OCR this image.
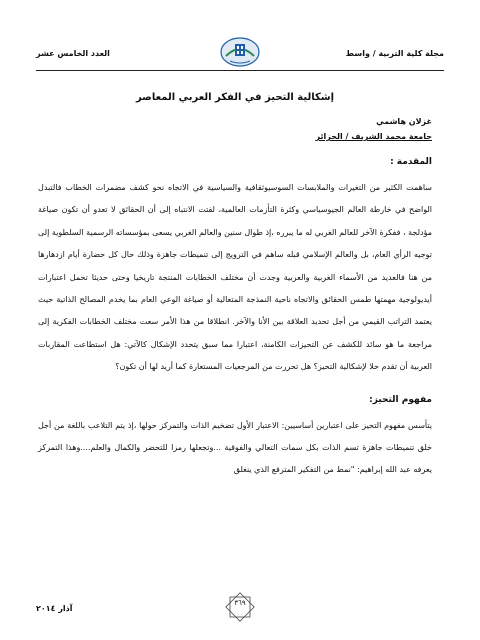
مجلة كلية التربية / واسط
العدد الخامس عشر
إشكالية التحيز في الفكر العربي المعاصر
غزلان هاشمي
جامعة محمد الشريف / الجزائر
المقدمة :

ساهمت الكثير من التغيرات والملابسات السوسيوثقافية والسياسية في الاتجاه نحو كشف مضمرات الخطاب فالتبدل الواضح في خارطة العالم الجيوسياسي وكثرة التأزمات العالمية، لفتت الانتباه إلى أن الحقائق لا تعدو أن تكون صياغة مؤدلجة ، ففكرة الآخر للعالم الغربي له ما يبرره ،إذ طوال سنين والعالم الغربي يسعى بمؤسساته الرسمية السلطوية إلى توجيه الرأي العام، بل والعالم الإسلامي قبله ساهم في الترويج إلى تنميطات جاهزة وذلك حال كل حضارة أيام ازدهارها من هنا فالعديد من الأسماء الغربية والعربية وجدت أن مختلف الخطابات المنتجة تاريخيا وحتى حديثا تحمل اعتبارات أيديولوجية مهمتها طمس الحقائق والاتجاه ناحية النمذجة المتعالية أو صياغة الوعي العام بما يخدم المصالح الذاتية حيث يعتمد التراتب القيمي من أجل تحديد العلاقة بين الأنا والآخر. انطلاقا من هذا الأمر سعت مختلف الخطابات الفكرية إلى مراجعة ما هو سائد للكشف عن التحيزات الكامنة، اعتبارا مما سبق يتحدد الإشكال كالآتي: هل استطاعت المقاربات العربية أن تقدم حلا لإشكالية التحيز؟ هل تحررت من المرجعيات المستعارة كما أريد لها أن تكون؟

مفهوم التحيز:

يتأسس مفهوم التحيز على اعتبارين أساسيين: الاعتبار الأول تضخيم الذات والتمركز حولها ،إذ يتم التلاعب باللغة من أجل خلق تنميطات جاهزة تسم الذات بكل سمات التعالي والفوقية ...وتجعلها رمزا للتحضر والكمال والعلم....وهذا التمركز يعرفه عبد الله إبراهيم: "نمط من التفكير المترفع الذي ينغلق

٣٦٩
آذار ٢٠١٤
